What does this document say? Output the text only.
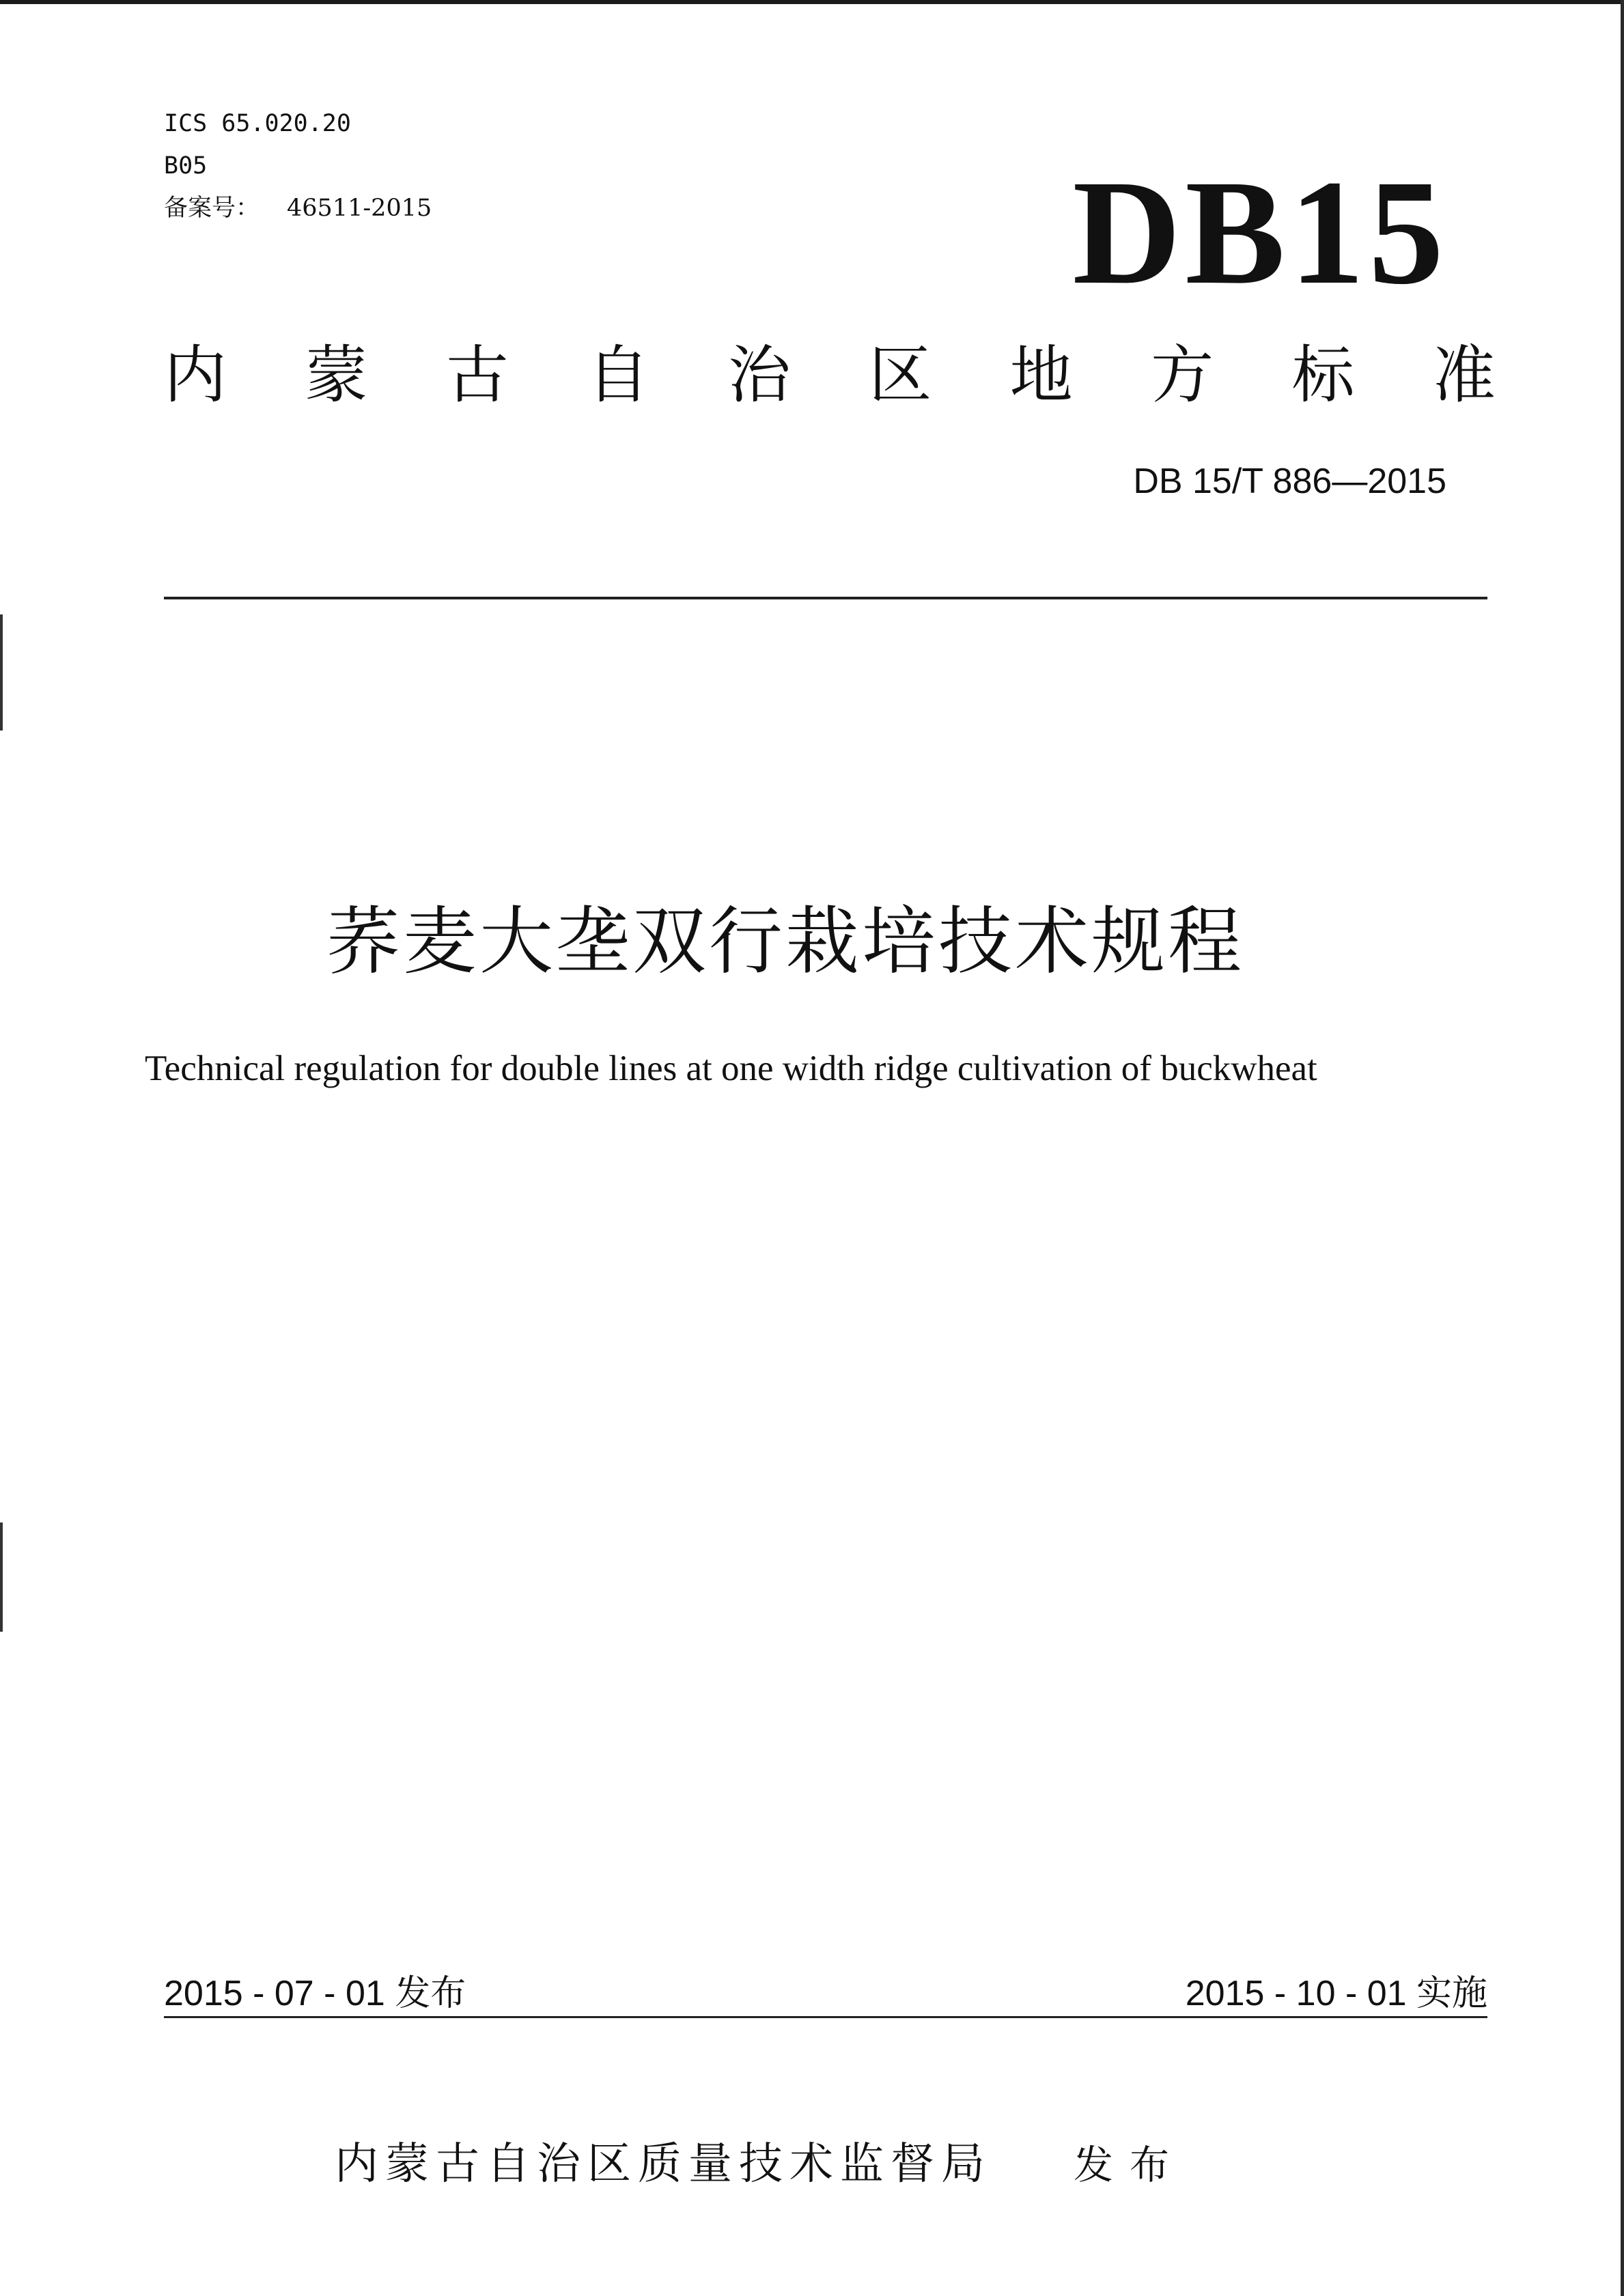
ICS 65.020.20
B05
备案号： 46511-2015	DB15
内 蒙 古 自 治 区 地 方 标 准
DB 15/T 886—2015
荞麦大垄双行栽培技术规程
Technical regulation for double lines at one width ridge cultivation of buckwheat
2015 - 07 - 01 发布	2015 - 10 - 01 实施
内蒙古自治区质量技术监督局 发布
